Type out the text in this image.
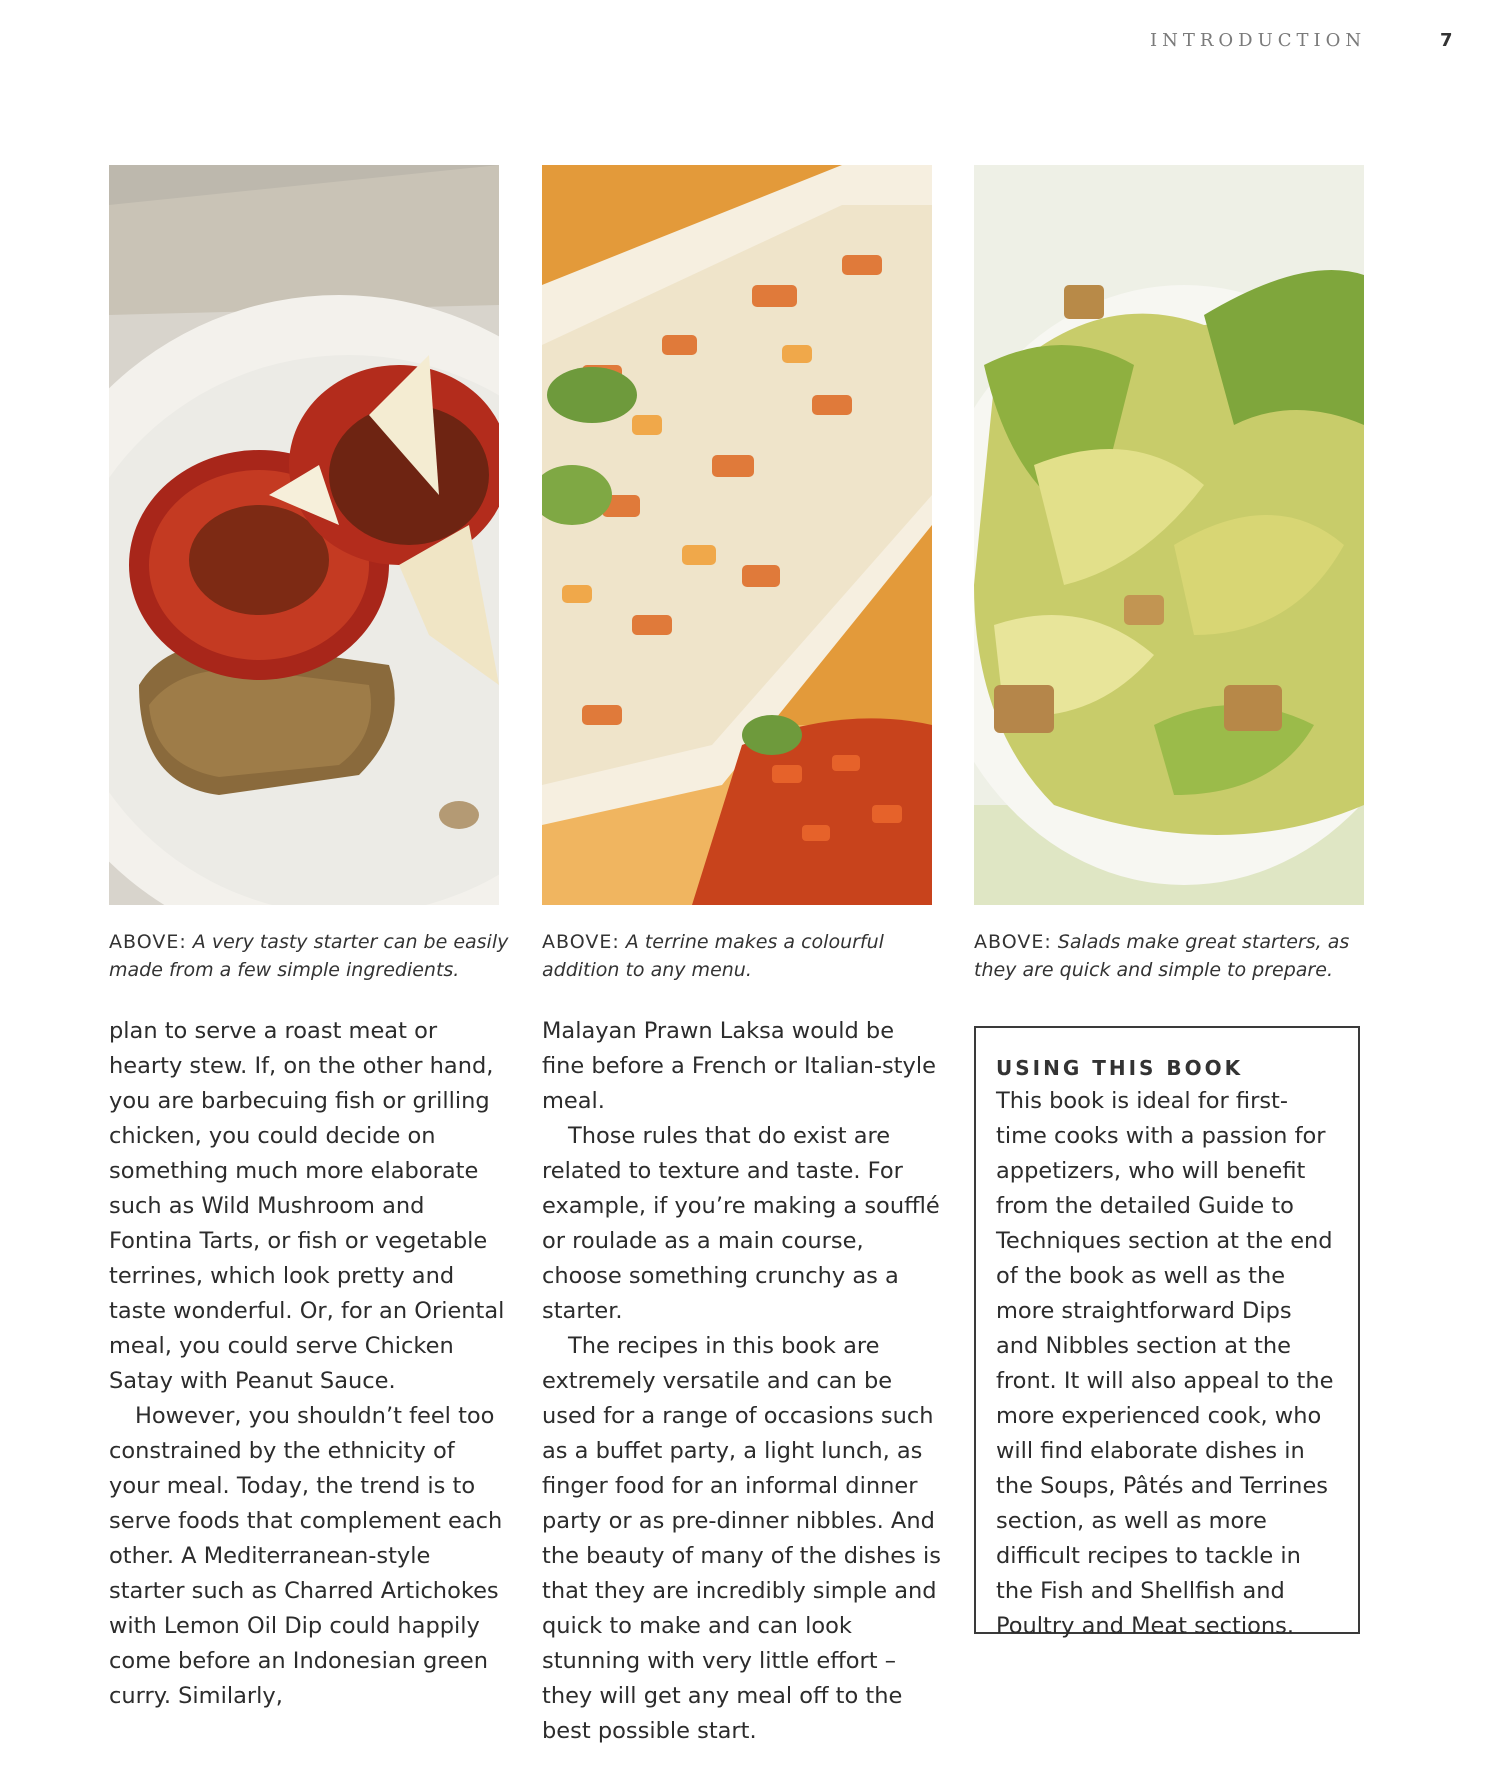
INTRODUCTION	7
ABOVE: A very tasty starter can be easily made from a few simple ingredients.
ABOVE: A terrine makes a colourful addition to any menu.
ABOVE: Salads make great starters, as they are quick and simple to prepare.

plan to serve a roast meat or hearty stew. If, on the other hand, you are barbecuing fish or grilling chicken, you could decide on something much more elaborate such as Wild Mushroom and Fontina Tarts, or fish or vegetable terrines, which look pretty and taste wonderful. Or, for an Oriental meal, you could serve Chicken Satay with Peanut Sauce.

However, you shouldn’t feel too constrained by the ethnicity of your meal. Today, the trend is to serve foods that complement each other. A Mediterranean-style starter such as Charred Artichokes with Lemon Oil Dip could happily come before an Indonesian green curry. Similarly,

Malayan Prawn Laksa would be fine before a French or Italian-style meal.

Those rules that do exist are related to texture and taste. For example, if you’re making a soufflé or roulade as a main course, choose something crunchy as a starter.

The recipes in this book are extremely versatile and can be used for a range of occasions such as a buffet party, a light lunch, as finger food for an informal dinner party or as pre-dinner nibbles. And the beauty of many of the dishes is that they are incredibly simple and quick to make and can look stunning with very little effort – they will get any meal off to the best possible start.

USING THIS BOOK

This book is ideal for first-time cooks with a passion for appetizers, who will benefit from the detailed Guide to Techniques section at the end of the book as well as the more straightforward Dips and Nibbles section at the front. It will also appeal to the more experienced cook, who will find elaborate dishes in the Soups, Pâtés and Terrines section, as well as more difficult recipes to tackle in the Fish and Shellfish and Poultry and Meat sections.
